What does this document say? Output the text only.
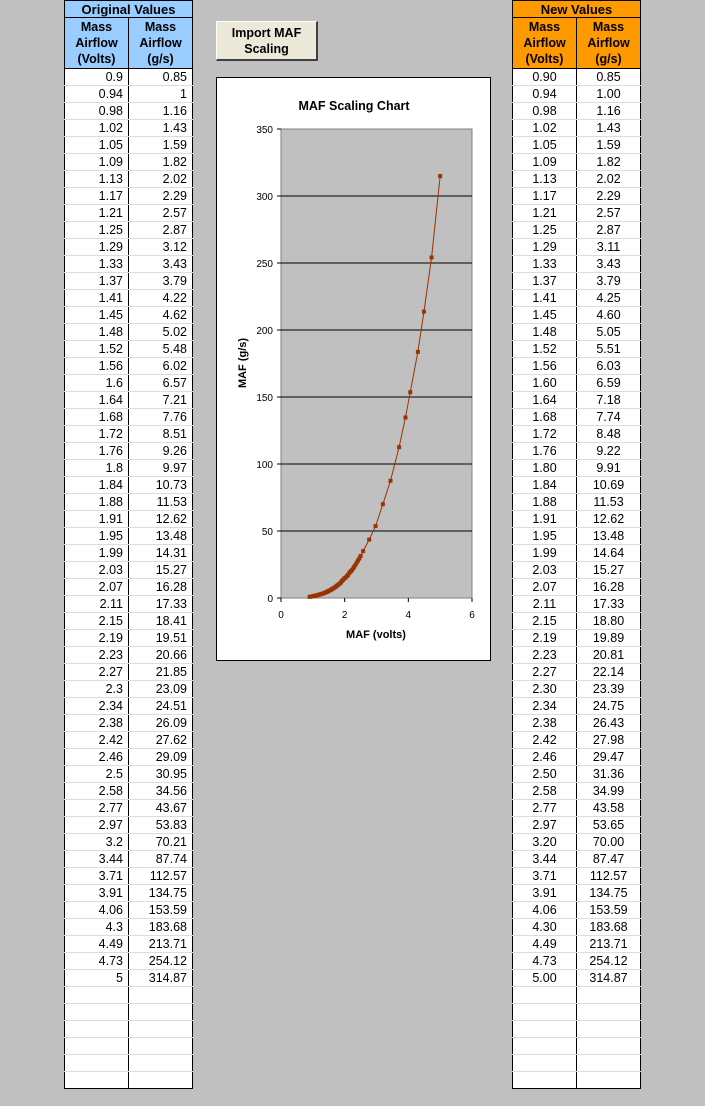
Original Values	
Mass
Airflow
(Volts)	Mass
Airflow
(g/s)
0.9	0.85
0.94	1
0.98	1.16
1.02	1.43
1.05	1.59
1.09	1.82
1.13	2.02
1.17	2.29
1.21	2.57
1.25	2.87
1.29	3.12
1.33	3.43
1.37	3.79
1.41	4.22
1.45	4.62
1.48	5.02
1.52	5.48
1.56	6.02
1.6	6.57
1.64	7.21
1.68	7.76
1.72	8.51
1.76	9.26
1.8	9.97
1.84	10.73
1.88	11.53
1.91	12.62
1.95	13.48
1.99	14.31
2.03	15.27
2.07	16.28
2.11	17.33
2.15	18.41
2.19	19.51
2.23	20.66
2.27	21.85
2.3	23.09
2.34	24.51
2.38	26.09
2.42	27.62
2.46	29.09
2.5	30.95
2.58	34.56
2.77	43.67
2.97	53.83
3.2	70.21
3.44	87.74
3.71	112.57
3.91	134.75
4.06	153.59
4.3	183.68
4.49	213.71
4.73	254.12
5	314.87

Import MAF
Scaling
MAF Scaling Chart
0
50
100
150
200
250
300
350
0	2	4	6
MAF (volts)
MAF (g/s)
New Values	
Mass
Airflow
(Volts)	Mass
Airflow
(g/s)
0.90	0.85
0.94	1.00
0.98	1.16
1.02	1.43
1.05	1.59
1.09	1.82
1.13	2.02
1.17	2.29
1.21	2.57
1.25	2.87
1.29	3.11
1.33	3.43
1.37	3.79
1.41	4.25
1.45	4.60
1.48	5.05
1.52	5.51
1.56	6.03
1.60	6.59
1.64	7.18
1.68	7.74
1.72	8.48
1.76	9.22
1.80	9.91
1.84	10.69
1.88	11.53
1.91	12.62
1.95	13.48
1.99	14.64
2.03	15.27
2.07	16.28
2.11	17.33
2.15	18.80
2.19	19.89
2.23	20.81
2.27	22.14
2.30	23.39
2.34	24.75
2.38	26.43
2.42	27.98
2.46	29.47
2.50	31.36
2.58	34.99
2.77	43.58
2.97	53.65
3.20	70.00
3.44	87.47
3.71	112.57
3.91	134.75
4.06	153.59
4.30	183.68
4.49	213.71
4.73	254.12
5.00	314.87
